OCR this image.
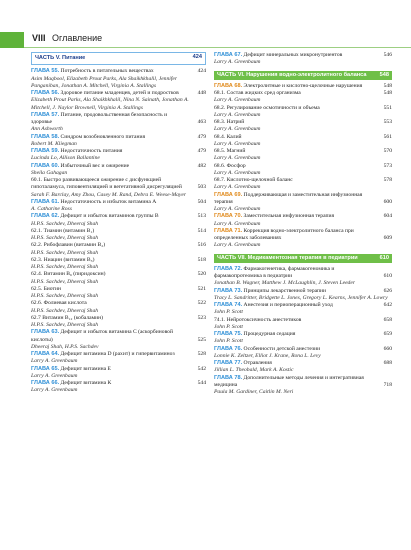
VIII Оглавление
ЧАСТЬ V. Питание	424
ГЛАВА 55. Потребность в питательных веществах	424
Asim Maqbool, Elizabeth Prout Parks, Ala Shaikhkhalil, Jennifer Panganiban, Jonathan A. Mitchell, Virginia A. Stallings
ГЛАВА 56. Здоровое питание младенцев, детей и подростков	448
Elizabeth Prout Parks, Ala Shaikhkhalil, Nina N. Sainath, Jonathan A. Mitchell, J. Naylor Brownell, Virginia A. Stallings
ГЛАВА 57. Питание, продовольственная безопасность и здоровье	463
Ann Ashworth
ГЛАВА 58. Синдром возобновленного питания	479
Robert M. Kliegman
ГЛАВА 59. Недостаточность питания	479
Lucinda Lo, Allison Ballantine
ГЛАВА 60. Избыточный вес и ожирение	482
Sheila Gahagan
60.1. Быстро развивающееся ожирение с дисфункцией гипоталамуса, гиповентиляцией и вегетативной дисрегуляцией	503
Sarah F. Barclay, Amy Zhou, Casey M. Rand, Debra E. Weese-Mayer
ГЛАВА 61. Недостаточность и избыток витамина А	504
A. Catharine Ross
ГЛАВА 62. Дефицит и избыток витаминов группы В	513
H.P.S. Sachdev, Dheeraj Shah
62.1. Тиамин (витамин B₁)	514
H.P.S. Sachdev, Dheeraj Shah
62.2. Рибофлавин (витамин B₂)	516
H.P.S. Sachdev, Dheeraj Shah
62.3. Ниацин (витамин B₃)	518
H.P.S. Sachdev, Dheeraj Shah
62.4. Витамин B₆ (пиридоксин)	520
H.P.S. Sachdev, Dheeraj Shah
62.5. Биотин	521
H.P.S. Sachdev, Dheeraj Shah
62.6. Фолиевая кислота	522
H.P.S. Sachdev, Dheeraj Shah
62.7 Витамин B₁₂ (кобаламин)	523
H.P.S. Sachdev, Dheeraj Shah
ГЛАВА 63. Дефицит и избыток витамина С (аскорбиновой кислоты)	525
Dheeraj Shah, H.P.S. Sachdev
ГЛАВА 64. Дефицит витамина D (рахит) и гипервитаминоз	528
Larry A. Greenbaum
ГЛАВА 65. Дефицит витамина Е	542
Larry A. Greenbaum
ГЛАВА 66. Дефицит витамина К	544
Larry A. Greenbaum
ГЛАВА 67. Дефицит минеральных микронутриентов	546
Larry A. Greenbaum
ЧАСТЬ VI. Нарушения водно-электролитного баланса 548
ГЛАВА 68. Электролитные и кислотно-щелочные нарушения	548
68.1. Состав жидких сред организма	548
Larry A. Greenbaum
68.2. Регулирование осмотичности и объема	551
Larry A. Greenbaum
68.3. Натрий	553
Larry A. Greenbaum
68.4. Калий	561
Larry A. Greenbaum
68.5. Магний	570
Larry A. Greenbaum
68.6. Фосфор	573
Larry A. Greenbaum
68.7. Кислотно-щелочной баланс	578
Larry A. Greenbaum
ГЛАВА 69. Поддерживающая и заместительная инфузионная терапия	600
Larry A. Greenbaum
ГЛАВА 70. Заместительная инфузионная терапия	604
Larry A. Greenbaum
ГЛАВА 71. Коррекция водно-электролитного баланса при определенных заболеваниях	609
Larry A. Greenbaum
ЧАСТЬ VII. Медикаментозная терапия в педиатрии	610
ГЛАВА 72. Фармакогенетика, фармакогеномика и фармакопротеомика в педиатрии	610
Jonathan B. Wagner, Matthew J. McLaughlin, J. Steven Leeder
ГЛАВА 73. Принципы лекарственной терапии	626
Tracy L. Sandritter, Bridgette L. Jones, Gregory L. Kearns, Jennifer A. Lowry
ГЛАВА 74. Анестезия и периоперационный уход	642
John P. Scott
74.1. Нейротоксичность анестетиков	658
John P. Scott
ГЛАВА 75. Процедурная седация	659
John P. Scott
ГЛАВА 76. Особенности детской анестезии	660
Lonnie K. Zeltzer, Elliot J. Krane, Rona L. Levy
ГЛАВА 77. Отравления	688
Jillian L. Theobald, Mark A. Kostic
ГЛАВА 78. Дополнительные методы лечения и интегративная медицина	718
Paula M. Gardiner, Caitlin M. Neri
